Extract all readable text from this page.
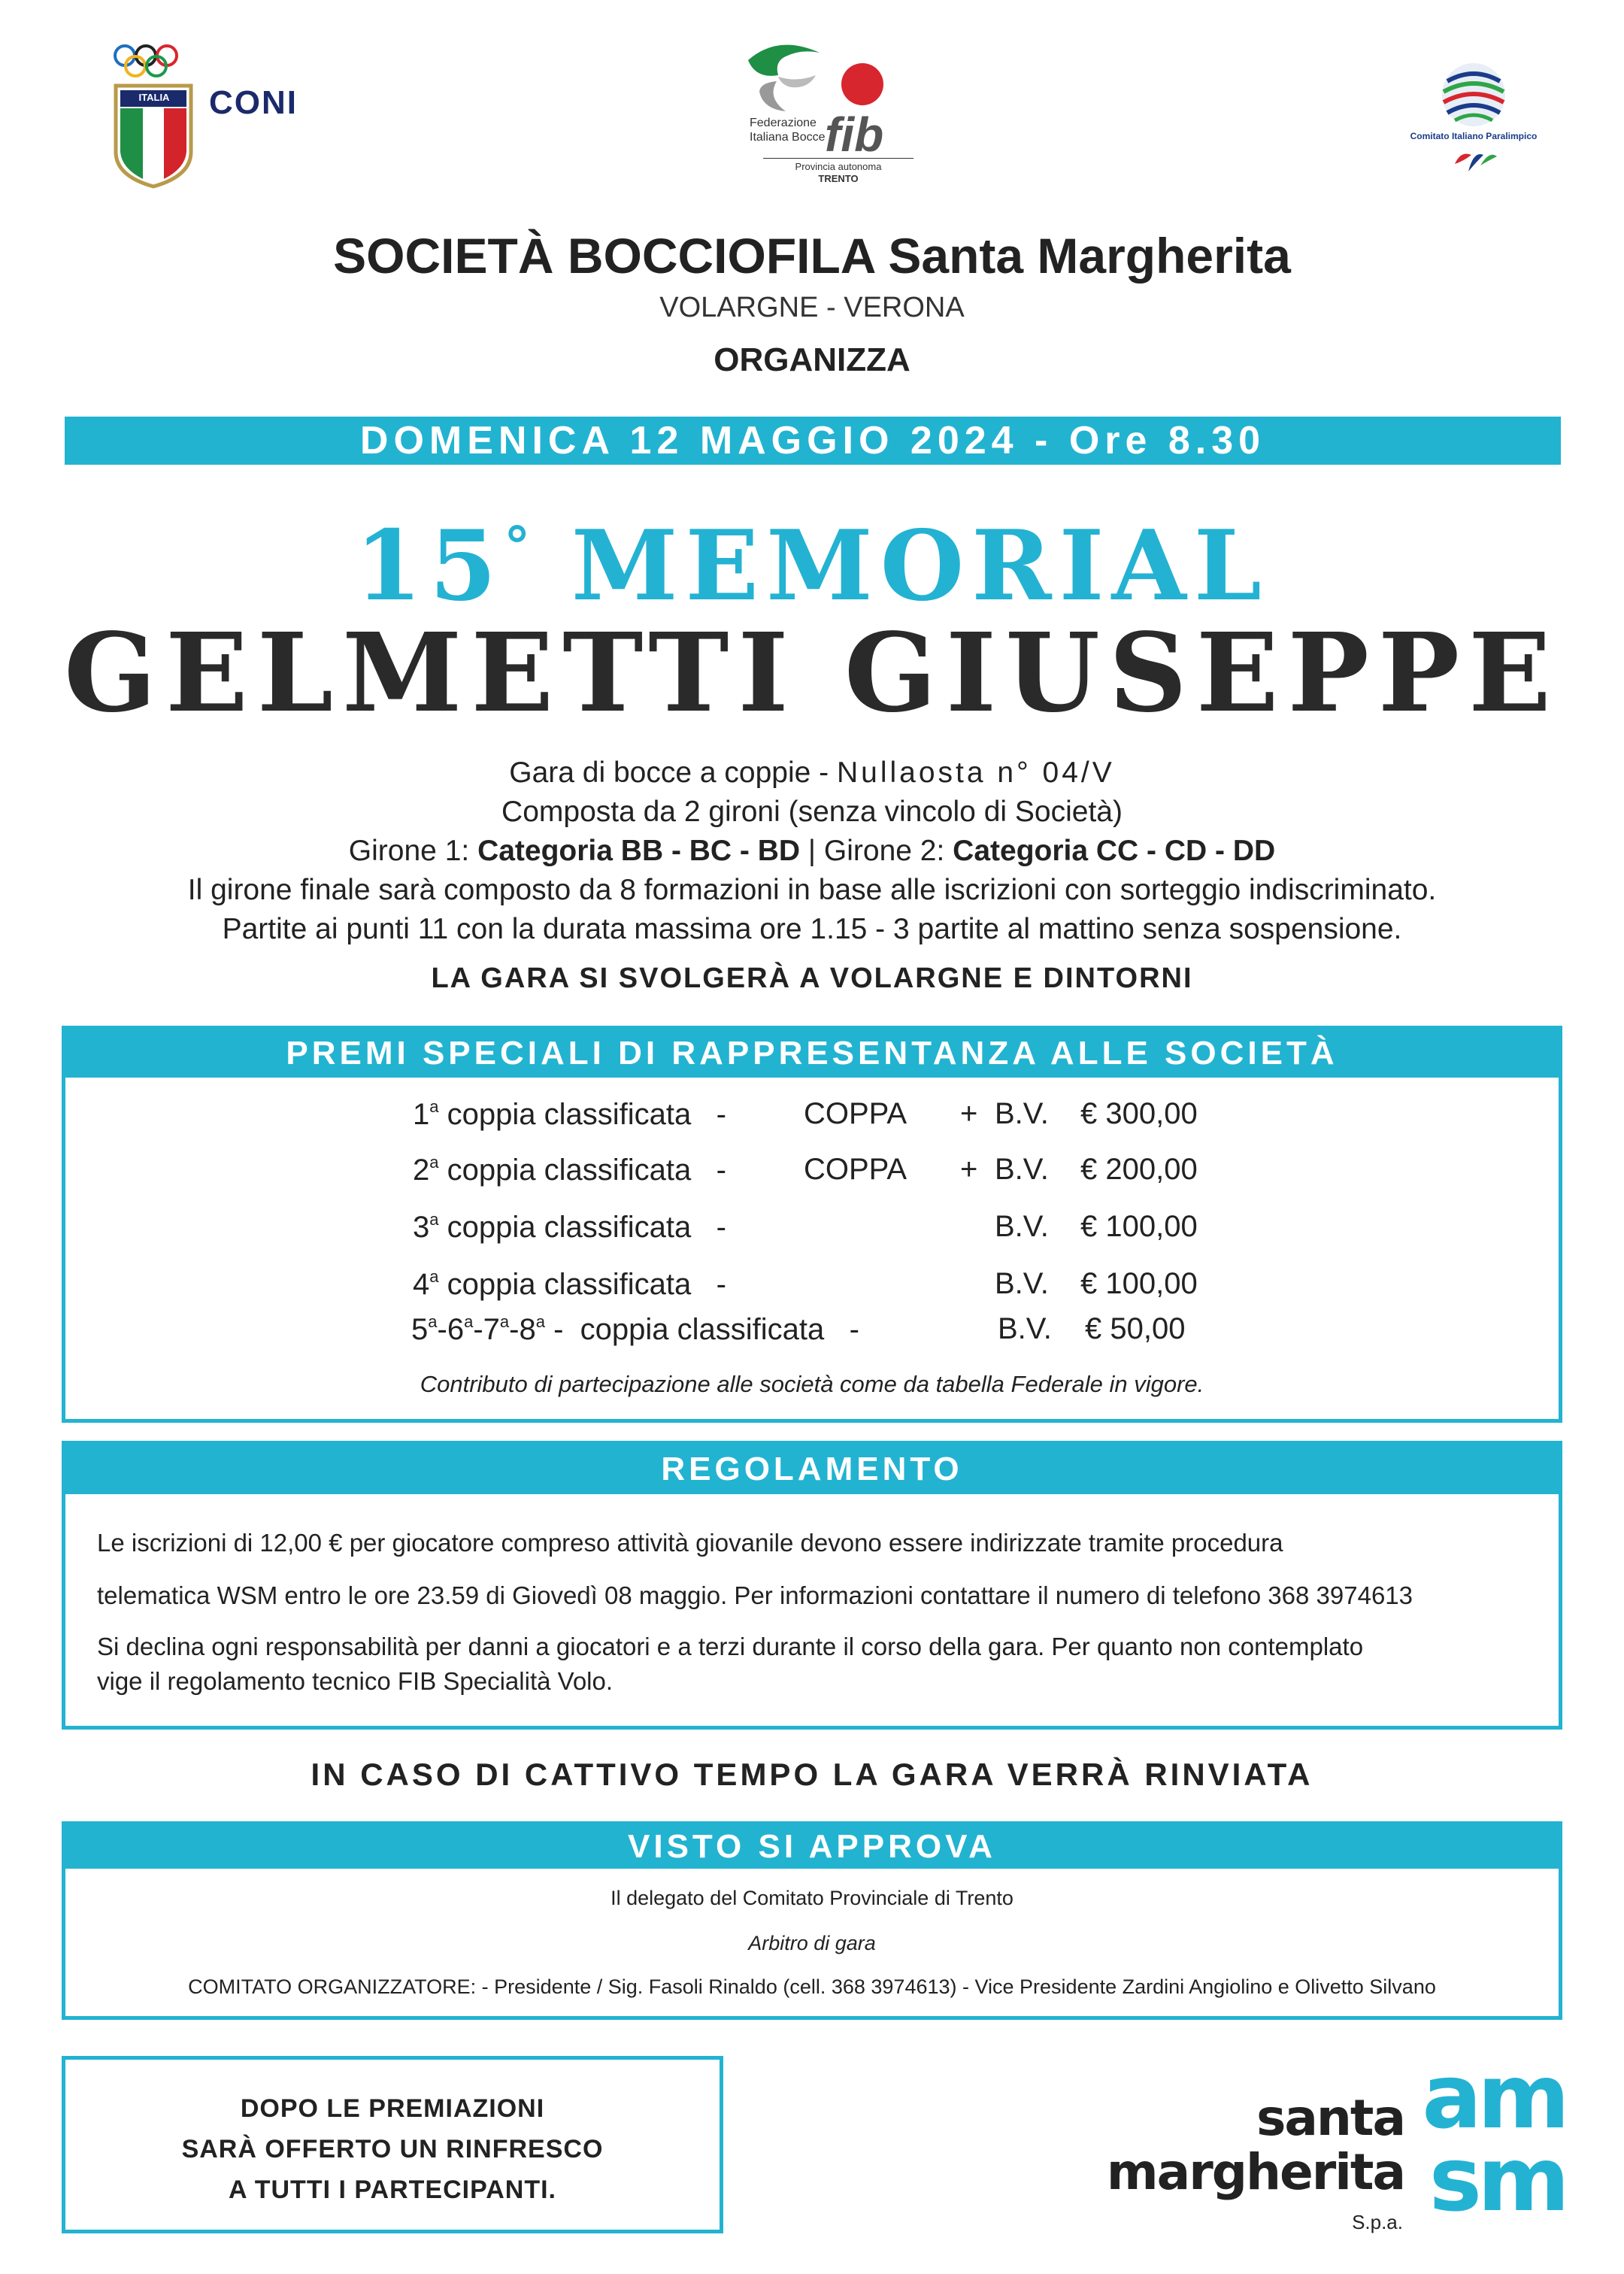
ITALIA	CONI
Federazione
Italiana Bocce fib
Provincia autonoma
TRENTO
Comitato Italiano Paralimpico
SOCIETÀ BOCCIOFILA Santa Margherita
VOLARGNE - VERONA
ORGANIZZA
DOMENICA 12 MAGGIO 2024 - Ore 8.30
15° MEMORIAL
GELMETTI GIUSEPPE
Gara di bocce a coppie - Nullaosta n° 04/V
Composta da 2 gironi (senza vincolo di Società)
Girone 1: Categoria BB - BC - BD | Girone 2: Categoria CC - CD - DD
Il girone finale sarà composto da 8 formazioni in base alle iscrizioni con sorteggio indiscriminato.
Partite ai punti 11 con la durata massima ore 1.15 - 3 partite al mattino senza sospensione.
LA GARA SI SVOLGERÀ A VOLARGNE E DINTORNI
PREMI SPECIALI DI RAPPRESENTANZA ALLE SOCIETÀ
1$^a$ coppia classificata   -	COPPA + B.V. € 300,00
2$^a$ coppia classificata   -	COPPA + B.V. € 200,00
3$^a$ coppia classificata   -	B.V. € 100,00
4$^a$ coppia classificata   -	B.V. € 100,00
5$^a$-6$^a$-7$^a$-8$^a$ -  coppia classificata   -	B.V. € 50,00
Contributo di partecipazione alle società come da tabella Federale in vigore.
REGOLAMENTO
Le iscrizioni di 12,00 € per giocatore compreso attività giovanile devono essere indirizzate tramite procedura
telematica WSM entro le ore 23.59 di Giovedì 08 maggio. Per informazioni contattare il numero di telefono 368 3974613
Si declina ogni responsabilità per danni a giocatori e a terzi durante il corso della gara. Per quanto non contemplato
vige il regolamento tecnico FIB Specialità Volo.
IN CASO DI CATTIVO TEMPO LA GARA VERRÀ RINVIATA
VISTO SI APPROVA
Il delegato del Comitato Provinciale di Trento
Arbitro di gara
COMITATO ORGANIZZATORE: - Presidente / Sig. Fasoli Rinaldo (cell. 368 3974613) - Vice Presidente Zardini Angiolino e Olivetto Silvano
DOPO LE PREMIAZIONI
SARÀ OFFERTO UN RINFRESCO
A TUTTI I PARTECIPANTI.
santa
margherita
S.p.a.
am
sm
